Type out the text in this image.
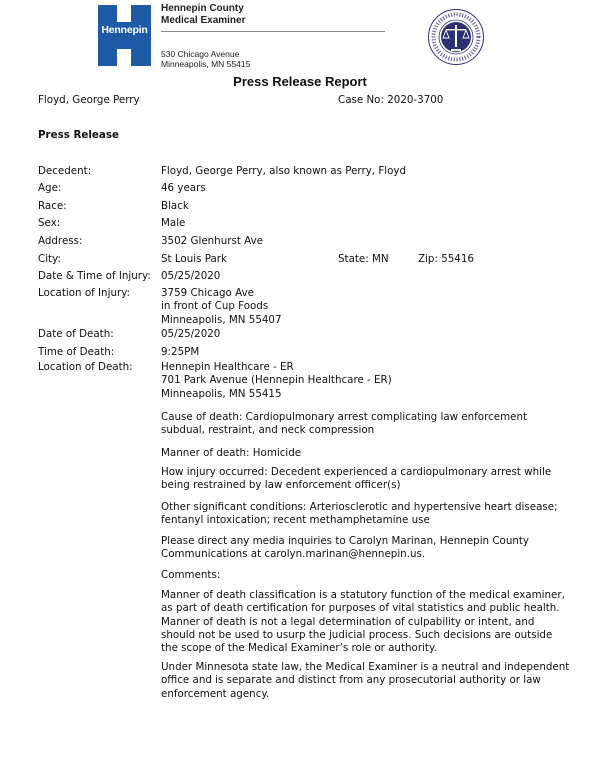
Hennepin
Hennepin County
Medical Examiner
530 Chicago Avenue
Minneapolis, MN 55415
Press Release Report
Floyd, George Perry	Case No: 2020-3700
Press Release
Decedent:	Floyd, George Perry, also known as Perry, Floyd
Age:	46 years
Race:	Black
Sex:	Male
Address:	3502 Glenhurst Ave
City:	St Louis Park	State: MN	Zip: 55416
Date & Time of Injury: 05/25/2020
Location of Injury:	3759 Chicago Ave
in front of Cup Foods
Minneapolis, MN 55407
Date of Death:	05/25/2020
Time of Death:	9:25PM
Location of Death:	Hennepin Healthcare - ER
701 Park Avenue (Hennepin Healthcare - ER)
Minneapolis, MN 55415
Cause of death: Cardiopulmonary arrest complicating law enforcement subdual, restraint, and neck compression
Manner of death: Homicide
How injury occurred: Decedent experienced a cardiopulmonary arrest while being restrained by law enforcement officer(s)
Other significant conditions: Arteriosclerotic and hypertensive heart disease; fentanyl intoxication; recent methamphetamine use
Please direct any media inquiries to Carolyn Marinan, Hennepin County Communications at carolyn.marinan@hennepin.us.
Comments:
Manner of death classification is a statutory function of the medical examiner, as part of death certification for purposes of vital statistics and public health. Manner of death is not a legal determination of culpability or intent, and should not be used to usurp the judicial process. Such decisions are outside the scope of the Medical Examiner’s role or authority.
Under Minnesota state law, the Medical Examiner is a neutral and independent office and is separate and distinct from any prosecutorial authority or law enforcement agency.
